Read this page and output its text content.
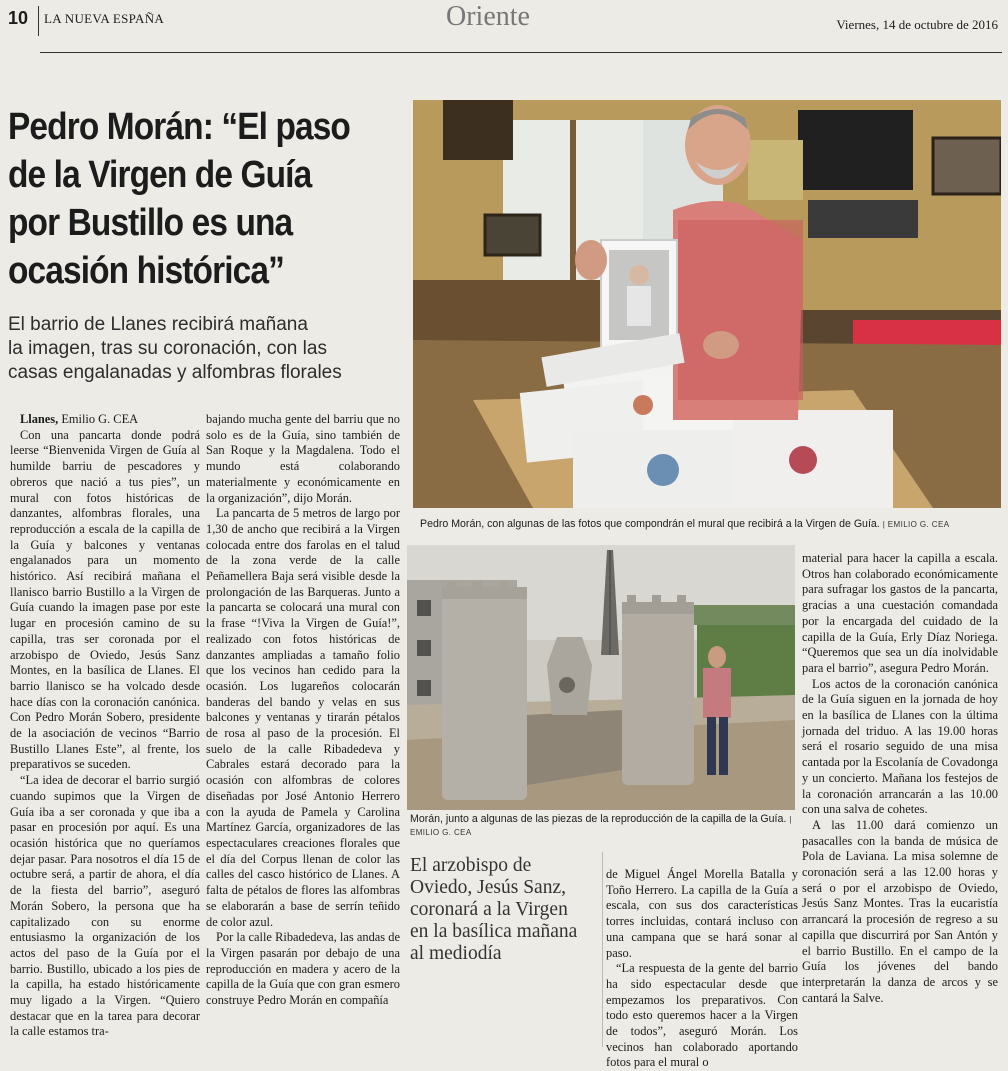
10 LA NUEVA ESPAÑA	Oriente	Viernes, 14 de octubre de 2016
Pedro Morán: “El paso
de la Virgen de Guía
por Bustillo es una
ocasión histórica”
El barrio de Llanes recibirá mañana
la imagen, tras su coronación, con las
casas engalanadas y alfombras florales

Llanes, Emilio G. CEA

Con una pancarta donde podrá leerse “Bienvenida Virgen de Guía al humilde barriu de pescadores y obreros que nació a tus pies”, un mural con fotos históricas de danzantes, alfombras florales, una reproducción a escala de la capilla de la Guía y balcones y ventanas engalanados para un momento histórico. Así recibirá mañana el llanisco barrio Bustillo a la Virgen de Guía cuando la imagen pase por este lugar en procesión camino de su capilla, tras ser coronada por el arzobispo de Oviedo, Jesús Sanz Montes, en la basílica de Llanes. El barrio llanisco se ha volcado desde hace días con la coronación canónica. Con Pedro Morán Sobero, presidente de la asociación de vecinos “Barrio Bustillo Llanes Este”, al frente, los preparativos se suceden.

“La idea de decorar el barrio surgió cuando supimos que la Virgen de Guía iba a ser coronada y que iba a pasar en procesión por aquí. Es una ocasión histórica que no queríamos dejar pasar. Para nosotros el día 15 de octubre será, a partir de ahora, el día de la fiesta del barrio”, aseguró Morán Sobero, la persona que ha capitalizado con su enorme entusiasmo la organización de los actos del paso de la Guía por el barrio. Bustillo, ubicado a los pies de la capilla, ha estado históricamente muy ligado a la Virgen. “Quiero destacar que en la tarea para decorar la calle estamos tra-

bajando mucha gente del barriu que no solo es de la Guía, sino también de San Roque y la Magdalena. Todo el mundo está colaborando materialmente y económicamente en la organización”, dijo Morán.

La pancarta de 5 metros de largo por 1,30 de ancho que recibirá a la Virgen colocada entre dos farolas en el talud de la zona verde de la calle Peñamellera Baja será visible desde la prolongación de las Barqueras. Junto a la pancarta se colocará una mural con la frase “!Viva la Virgen de Guía!”, realizado con fotos históricas de danzantes ampliadas a tamaño folio que los vecinos han cedido para la ocasión. Los lugareños colocarán banderas del bando y velas en sus balcones y ventanas y tirarán pétalos de rosa al paso de la procesión. El suelo de la calle Ribadedeva y Cabrales estará decorado para la ocasión con alfombras de colores diseñadas por José Antonio Herrero con la ayuda de Pamela y Carolina Martínez García, organizadores de las espectaculares creaciones florales que el día del Corpus llenan de color las calles del casco histórico de Llanes. A falta de pétalos de flores las alfombras se elaborarán a base de serrín teñido de color azul.

Por la calle Ribadedeva, las andas de la Virgen pasarán por debajo de una reproducción en madera y acero de la capilla de la Guía que con gran esmero construye Pedro Morán en compañía

Pedro Morán, con algunas de las fotos que compondrán el mural que recibirá a la Virgen de Guía. | EMILIO G. CEA
Morán, junto a algunas de las piezas de la reproducción de la capilla de la Guía. | EMILIO G. CEA
El arzobispo de
Oviedo, Jesús Sanz,
coronará a la Virgen
en la basílica mañana
al mediodía

de Miguel Ángel Morella Batalla y Toño Herrero. La capilla de la Guía a escala, con sus dos características torres incluidas, contará incluso con una campana que se hará sonar al paso.

“La respuesta de la gente del barrio ha sido espectacular desde que empezamos los preparativos. Con todo esto queremos hacer a la Virgen de todos”, aseguró Morán. Los vecinos han colaborado aportando fotos para el mural o

material para hacer la capilla a escala. Otros han colaborado económicamente para sufragar los gastos de la pancarta, gracias a una cuestación comandada por la encargada del cuidado de la capilla de la Guía, Erly Díaz Noriega. “Queremos que sea un día inolvidable para el barrio”, asegura Pedro Morán.

Los actos de la coronación canónica de la Guía siguen en la jornada de hoy en la basílica de Llanes con la última jornada del triduo. A las 19.00 horas será el rosario seguido de una misa cantada por la Escolanía de Covadonga y un concierto. Mañana los festejos de la coronación arrancarán a las 10.00 con una salva de cohetes.

A las 11.00 dará comienzo un pasacalles con la banda de música de Pola de Laviana. La misa solemne de coronación será a las 12.00 horas y será o por el arzobispo de Oviedo, Jesús Sanz Montes. Tras la eucaristía arrancará la procesión de regreso a su capilla que discurrirá por San Antón y el barrio Bustillo. En el campo de la Guía los jóvenes del bando interpretarán la danza de arcos y se cantará la Salve.
